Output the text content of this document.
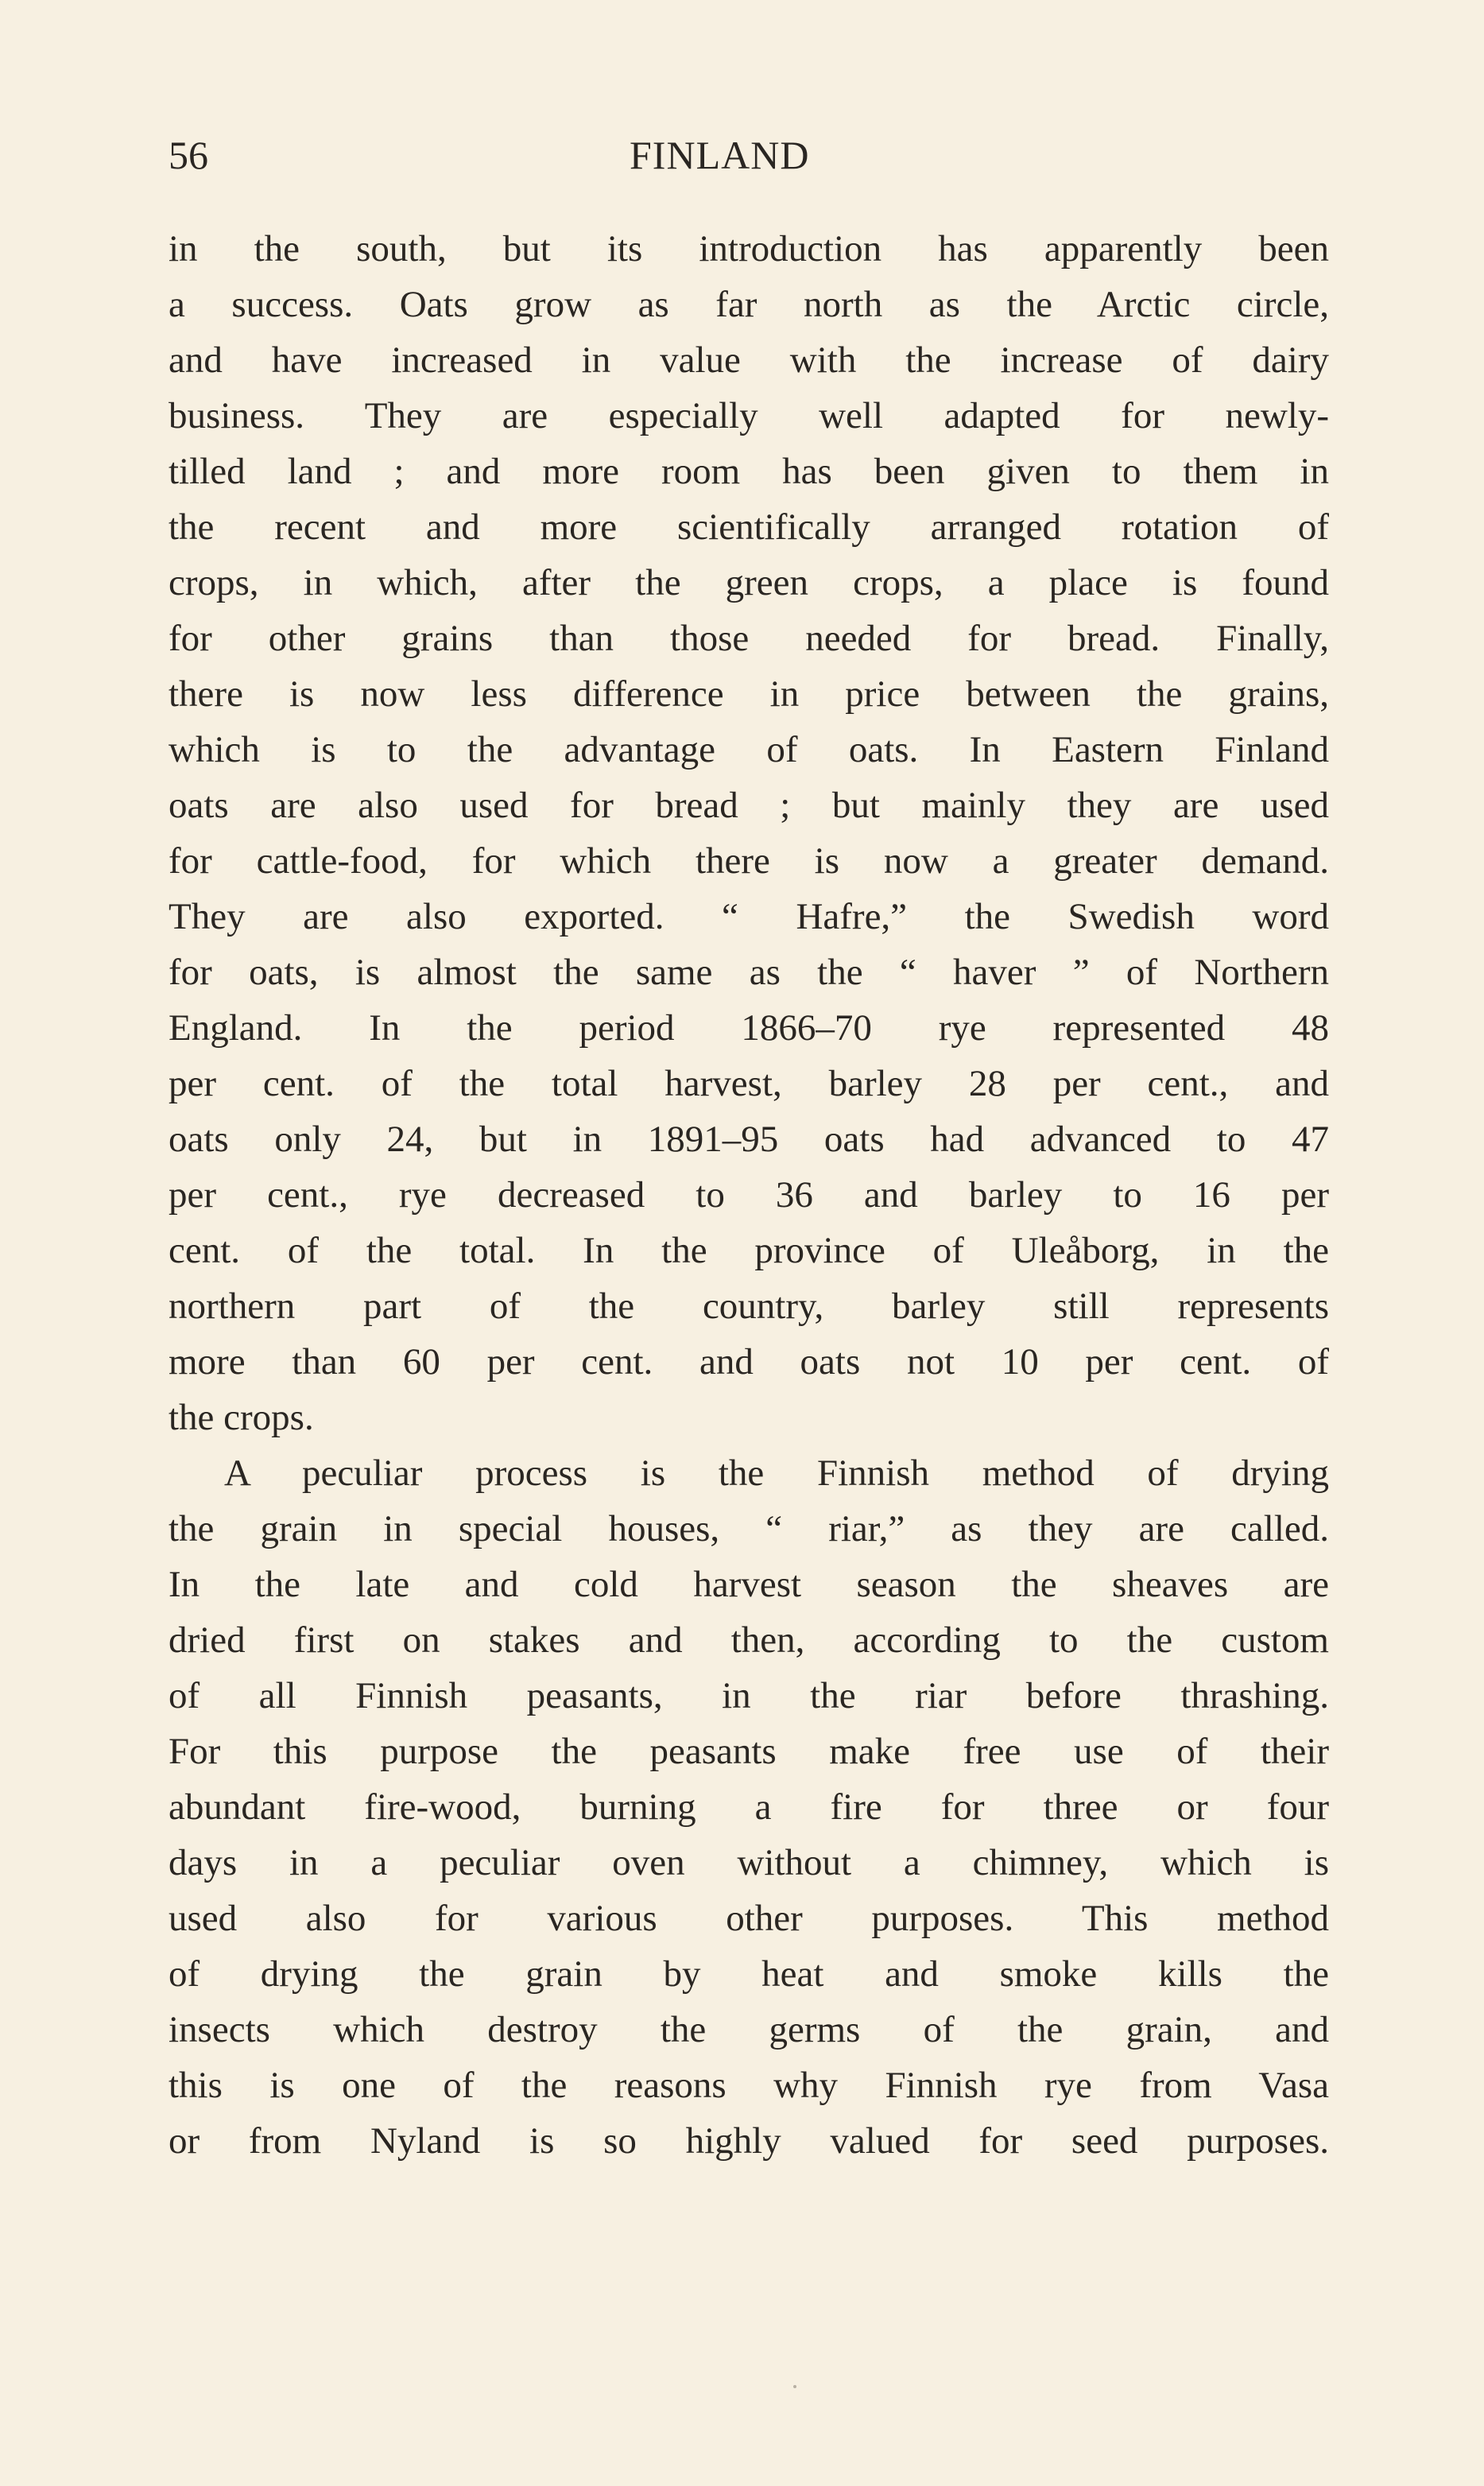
56	FINLAND
in the south, but its introduction has apparently been
a success. Oats grow as far north as the Arctic circle,
and have increased in value with the increase of dairy
business. They are especially well adapted for newly-
tilled land ; and more room has been given to them in
the recent and more scientifically arranged rotation of
crops, in which, after the green crops, a place is found
for other grains than those needed for bread. Finally,
there is now less difference in price between the grains,
which is to the advantage of oats. In Eastern Finland
oats are also used for bread ; but mainly they are used
for cattle-food, for which there is now a greater demand.
They are also exported. “ Hafre,” the Swedish word
for oats, is almost the same as the “ haver ” of Northern
England. In the period 1866–70 rye represented 48
per cent. of the total harvest, barley 28 per cent., and
oats only 24, but in 1891–95 oats had advanced to 47
per cent., rye decreased to 36 and barley to 16 per
cent. of the total. In the province of Uleåborg, in the
northern part of the country, barley still represents
more than 60 per cent. and oats not 10 per cent. of
the crops.
A peculiar process is the Finnish method of drying
the grain in special houses, “ riar,” as they are called.
In the late and cold harvest season the sheaves are
dried first on stakes and then, according to the custom
of all Finnish peasants, in the riar before thrashing.
For this purpose the peasants make free use of their
abundant fire-wood, burning a fire for three or four
days in a peculiar oven without a chimney, which is
used also for various other purposes. This method
of drying the grain by heat and smoke kills the
insects which destroy the germs of the grain, and
this is one of the reasons why Finnish rye from Vasa
or from Nyland is so highly valued for seed purposes.
